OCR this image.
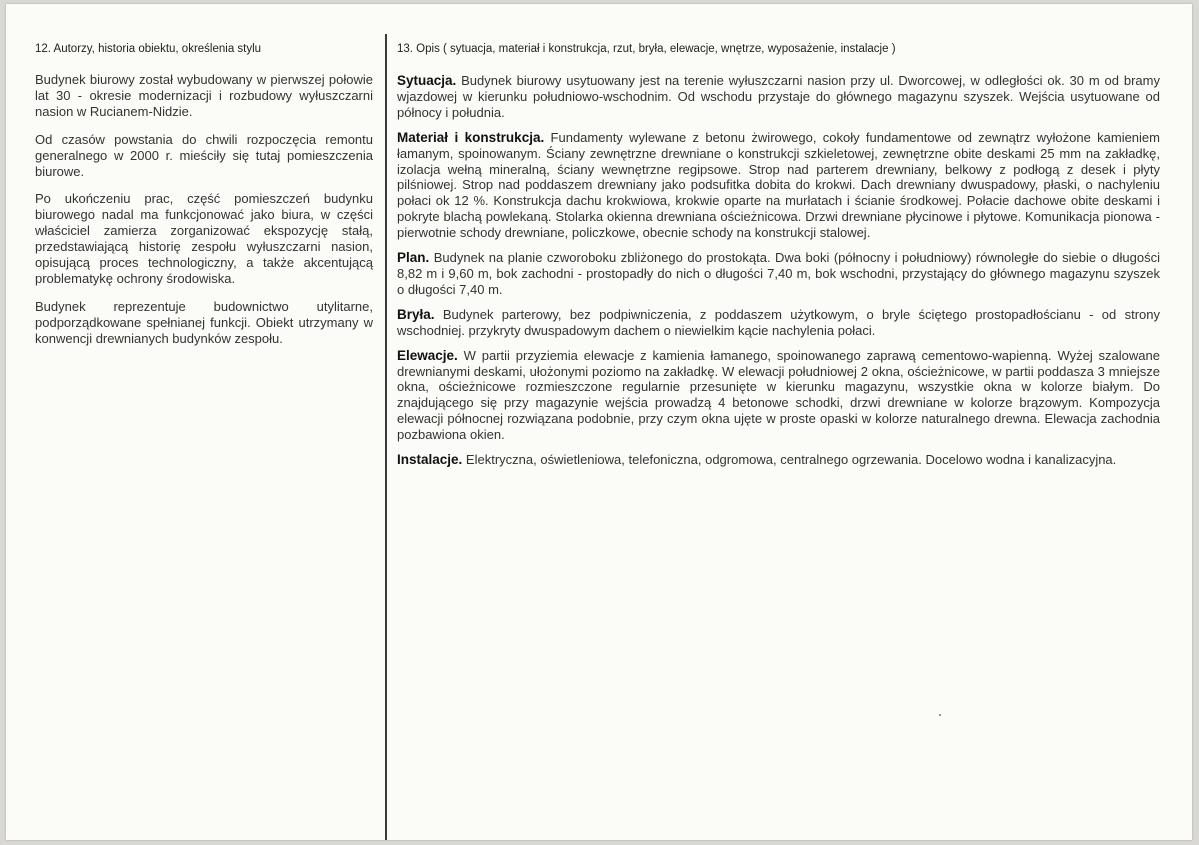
12. Autorzy, historia obiektu, określenia stylu

Budynek biurowy został wybudowany w pierwszej połowie lat 30 - okresie modernizacji i rozbudowy wyłuszczarni nasion w Rucianem-Nidzie.

Od czasów powstania do chwili rozpoczęcia remontu generalnego w 2000 r. mieściły się tutaj pomieszczenia biurowe.

Po ukończeniu prac, część pomieszczeń budynku biurowego nadal ma funkcjonować jako biura, w części właściciel zamierza zorganizować ekspozycję stałą, przedstawiającą historię zespołu wyłuszczarni nasion, opisującą proces technologiczny, a także akcentującą problematykę ochrony środowiska.

Budynek reprezentuje budownictwo utylitarne, podporządkowane spełnianej funkcji. Obiekt utrzymany w konwencji drewnianych budynków zespołu.

13. Opis ( sytuacja, materiał i konstrukcja, rzut, bryła, elewacje, wnętrze, wyposażenie, instalacje )

Sytuacja. Budynek biurowy usytuowany jest na terenie wyłuszczarni nasion przy ul. Dworcowej, w odległości ok. 30 m od bramy wjazdowej w kierunku południowo-wschodnim. Od wschodu przystaje do głównego magazynu szyszek. Wejścia usytuowane od północy i południa.

Materiał i konstrukcja. Fundamenty wylewane z betonu żwirowego, cokoły fundamentowe od zewnątrz wyłożone kamieniem łamanym, spoinowanym. Ściany zewnętrzne drewniane o konstrukcji szkieletowej, zewnętrzne obite deskami 25 mm na zakładkę, izolacja wełną mineralną, ściany wewnętrzne regipsowe. Strop nad parterem drewniany, belkowy z podłogą z desek i płyty pilśniowej. Strop nad poddaszem drewniany jako podsufitka dobita do krokwi. Dach drewniany dwuspadowy, płaski, o nachyleniu połaci ok 12 %. Konstrukcja dachu krokwiowa, krokwie oparte na murłatach i ścianie środkowej. Połacie dachowe obite deskami i pokryte blachą powlekaną. Stolarka okienna drewniana ościeżnicowa. Drzwi drewniane płycinowe i płytowe. Komunikacja pionowa - pierwotnie schody drewniane, policzkowe, obecnie schody na konstrukcji stalowej.

Plan. Budynek na planie czworoboku zbliżonego do prostokąta. Dwa boki (północny i południowy) równoległe do siebie o długości 8,82 m i 9,60 m, bok zachodni - prostopadły do nich o długości 7,40 m, bok wschodni, przystający do głównego magazynu szyszek o długości 7,40 m.

Bryła. Budynek parterowy, bez podpiwniczenia, z poddaszem użytkowym, o bryle ściętego prostopadłościanu - od strony wschodniej. przykryty dwuspadowym dachem o niewielkim kącie nachylenia połaci.

Elewacje. W partii przyziemia elewacje z kamienia łamanego, spoinowanego zaprawą cementowo-wapienną. Wyżej szalowane drewnianymi deskami, ułożonymi poziomo na zakładkę. W elewacji południowej 2 okna, ościeżnicowe, w partii poddasza 3 mniejsze okna, ościeżnicowe rozmieszczone regularnie przesunięte w kierunku magazynu, wszystkie okna w kolorze białym. Do znajdującego się przy magazynie wejścia prowadzą 4 betonowe schodki, drzwi drewniane w kolorze brązowym. Kompozycja elewacji północnej rozwiązana podobnie, przy czym okna ujęte w proste opaski w kolorze naturalnego drewna. Elewacja zachodnia pozbawiona okien.

Instalacje. Elektryczna, oświetleniowa, telefoniczna, odgromowa, centralnego ogrzewania. Docelowo wodna i kanalizacyjna.
